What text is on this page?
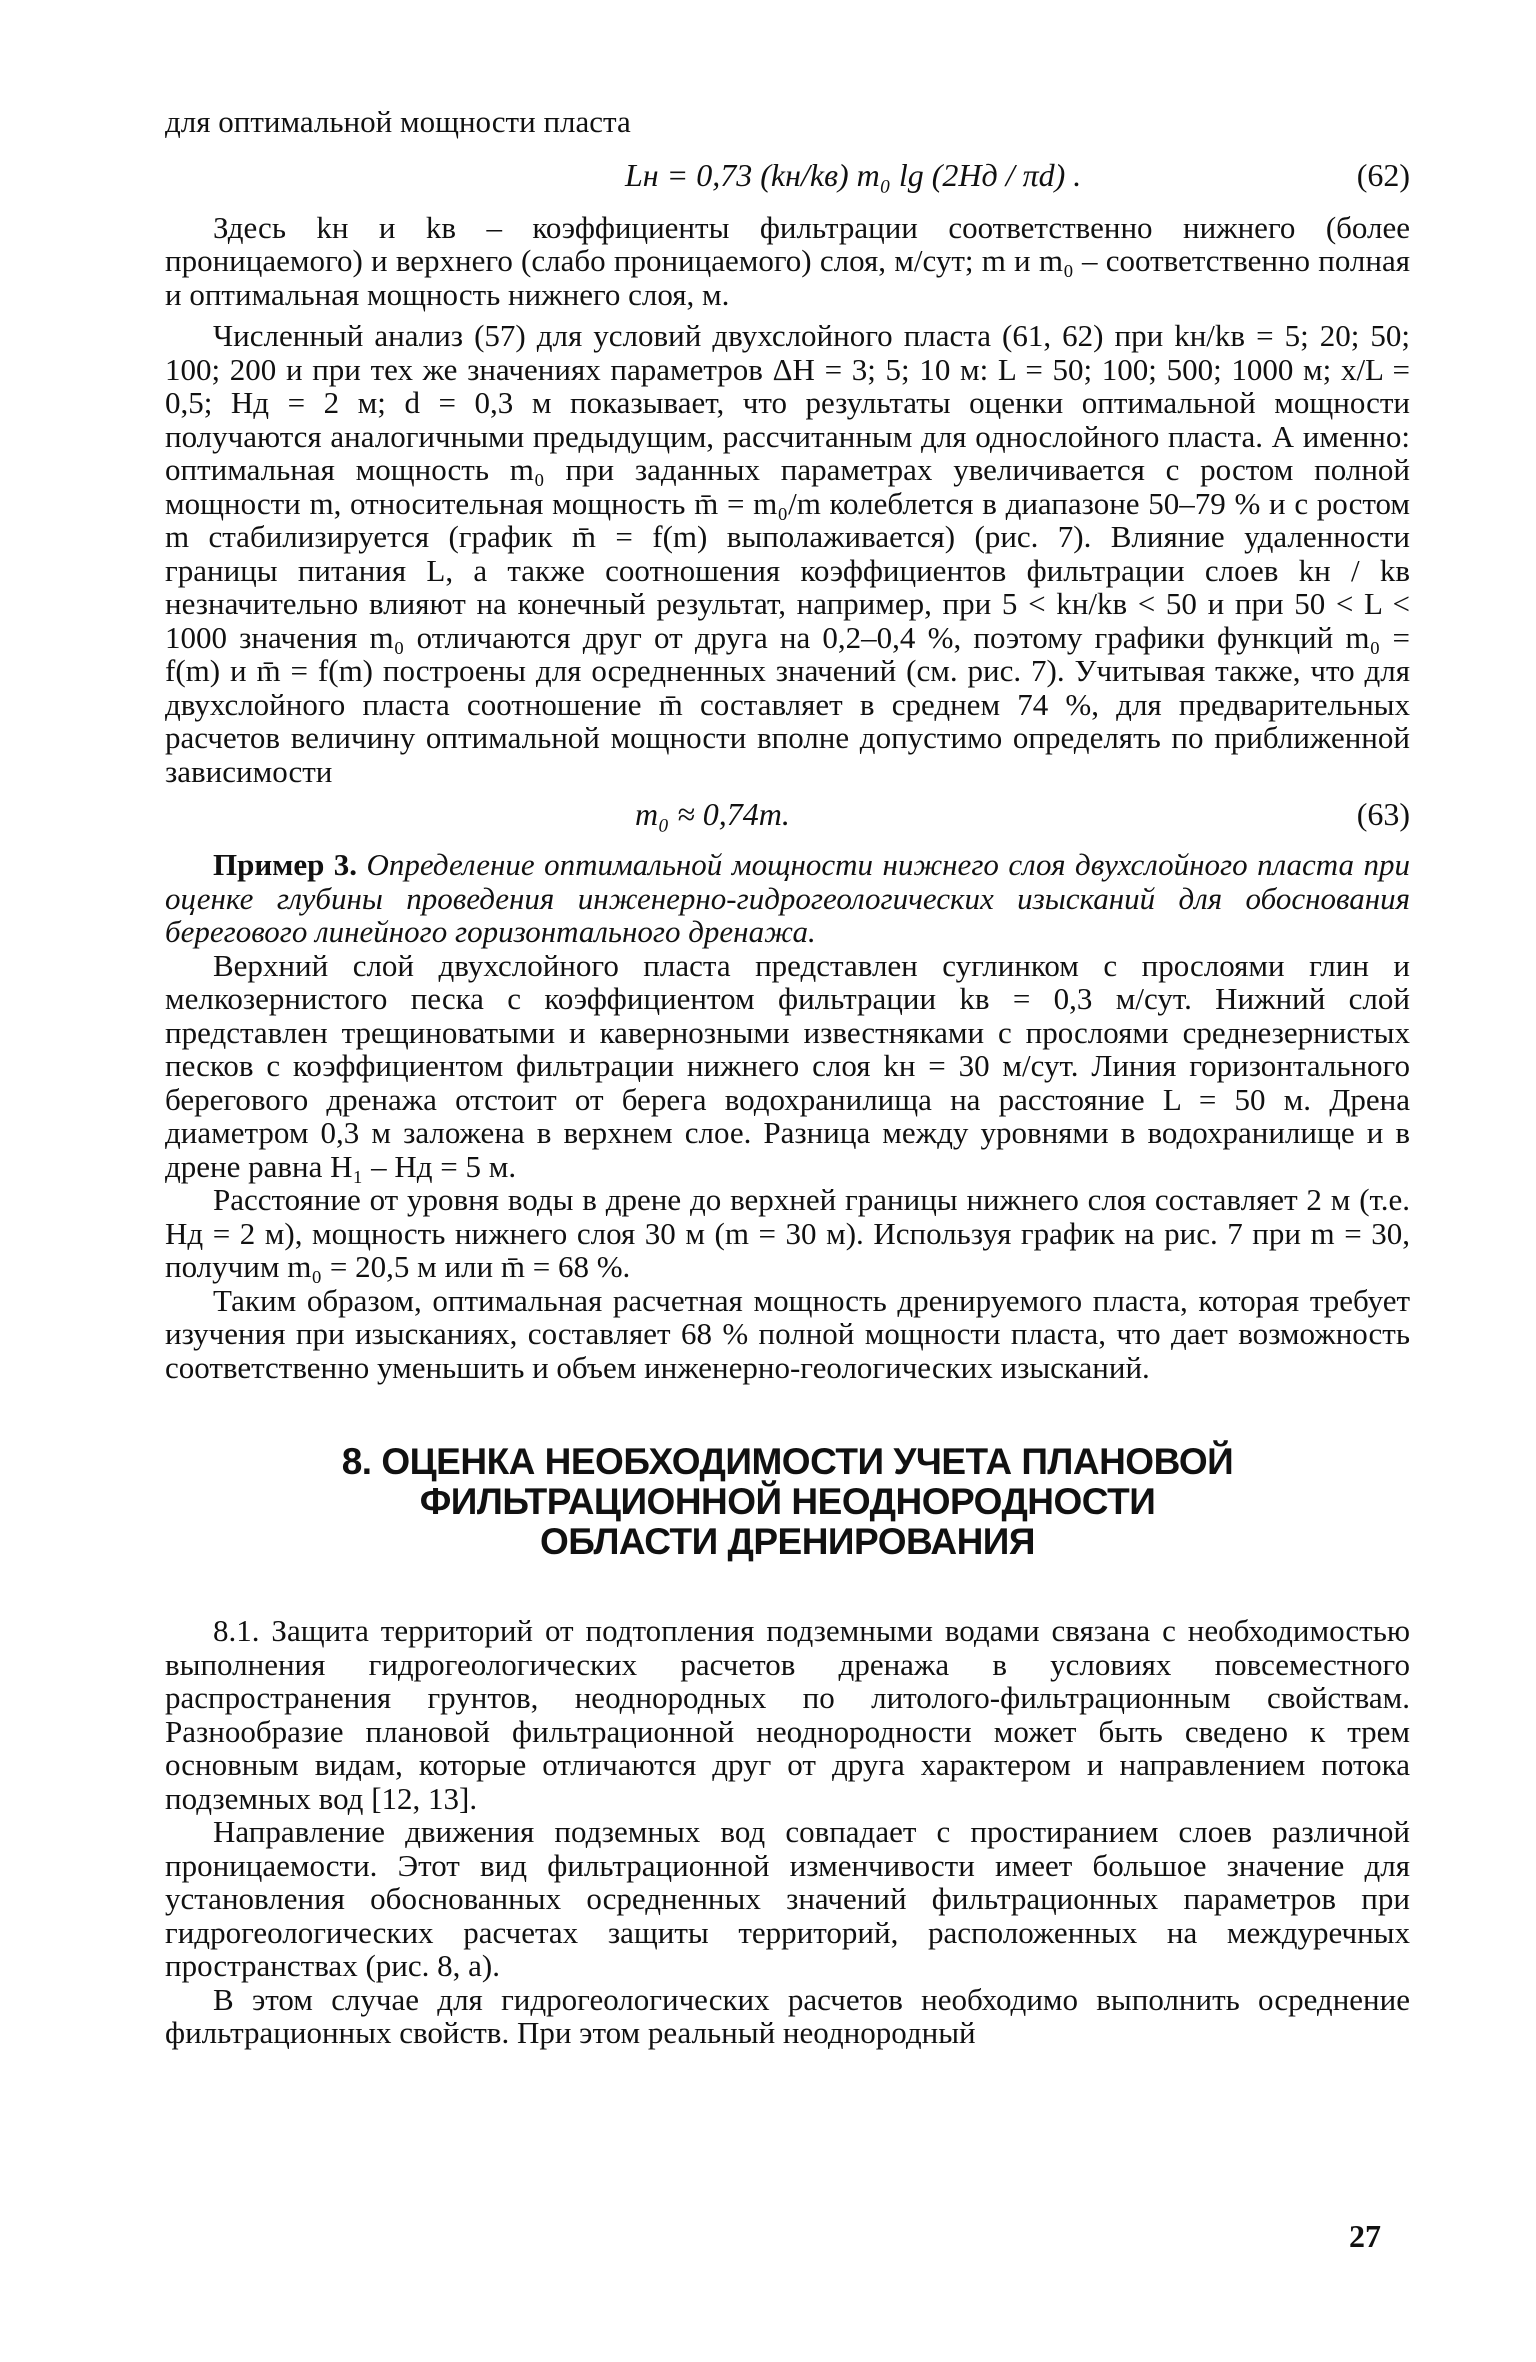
для оптимальной мощности пласта

Lн = 0,73 (kн/kв) m₀ lg (2Hд / πd) .	(62)

Здесь kн и kв – коэффициенты фильтрации соответственно нижнего (более проницаемого) и верхнего (слабо проницаемого) слоя, м/сут; m и m₀ – соответственно полная и оптимальная мощность нижнего слоя, м.

Численный анализ (57) для условий двухслойного пласта (61, 62) при kн/kв = 5; 20; 50; 100; 200 и при тех же значениях параметров ΔH = 3; 5; 10 м: L = 50; 100; 500; 1000 м; x/L = 0,5; Hд = 2 м; d = 0,3 м показывает, что результаты оценки оптимальной мощности получаются аналогичными предыдущим, рассчитанным для однослойного пласта. А именно: оптимальная мощность m₀ при заданных параметрах увеличивается с ростом полной мощности m, относительная мощность m̄ = m₀/m колеблется в диапазоне 50–79 % и с ростом m стабилизируется (график m̄ = f(m) выполаживается) (рис. 7). Влияние удаленности границы питания L, а также соотношения коэффициентов фильтрации слоев kн / kв незначительно влияют на конечный результат, например, при 5 < kн/kв < 50 и при 50 < L < 1000 значения m₀ отличаются друг от друга на 0,2–0,4 %, поэтому графики функций m₀ = f(m) и m̄ = f(m) построены для осредненных значений (см. рис. 7). Учитывая также, что для двухслойного пласта соотношение m̄ составляет в среднем 74 %, для предварительных расчетов величину оптимальной мощности вполне допустимо определять по приближенной зависимости

m₀ ≈ 0,74m.	(63)

Пример 3. Определение оптимальной мощности нижнего слоя двухслойного пласта при оценке глубины проведения инженерно-гидрогеологических изысканий для обоснования берегового линейного горизонтального дренажа.

Верхний слой двухслойного пласта представлен суглинком с прослоями глин и мелкозернистого песка с коэффициентом фильтрации kв = 0,3 м/сут. Нижний слой представлен трещиноватыми и кавернозными известняками с прослоями среднезернистых песков с коэффициентом фильтрации нижнего слоя kн = 30 м/сут. Линия горизонтального берегового дренажа отстоит от берега водохранилища на расстояние L = 50 м. Дрена диаметром 0,3 м заложена в верхнем слое. Разница между уровнями в водохранилище и в дрене равна H₁ – Hд = 5 м.

Расстояние от уровня воды в дрене до верхней границы нижнего слоя составляет 2 м (т.е. Hд = 2 м), мощность нижнего слоя 30 м (m = 30 м). Используя график на рис. 7 при m = 30, получим m₀ = 20,5 м или m̄ = 68 %.

Таким образом, оптимальная расчетная мощность дренируемого пласта, которая требует изучения при изысканиях, составляет 68 % полной мощности пласта, что дает возможность соответственно уменьшить и объем инженерно-геологических изысканий.

8. ОЦЕНКА НЕОБХОДИМОСТИ УЧЕТА ПЛАНОВОЙ
ФИЛЬТРАЦИОННОЙ НЕОДНОРОДНОСТИ
ОБЛАСТИ ДРЕНИРОВАНИЯ

8.1. Защита территорий от подтопления подземными водами связана с необходимостью выполнения гидрогеологических расчетов дренажа в условиях повсеместного распространения грунтов, неоднородных по литолого-фильтрационным свойствам. Разнообразие плановой фильтрационной неоднородности может быть сведено к трем основным видам, которые отличаются друг от друга характером и направлением потока подземных вод [12, 13].

Направление движения подземных вод совпадает с простиранием слоев различной проницаемости. Этот вид фильтрационной изменчивости имеет большое значение для установления обоснованных осредненных значений фильтрационных параметров при гидрогеологических расчетах защиты территорий, расположенных на междуречных пространствах (рис. 8, а).

В этом случае для гидрогеологических расчетов необходимо выполнить осреднение фильтрационных свойств. При этом реальный неоднородный

27
